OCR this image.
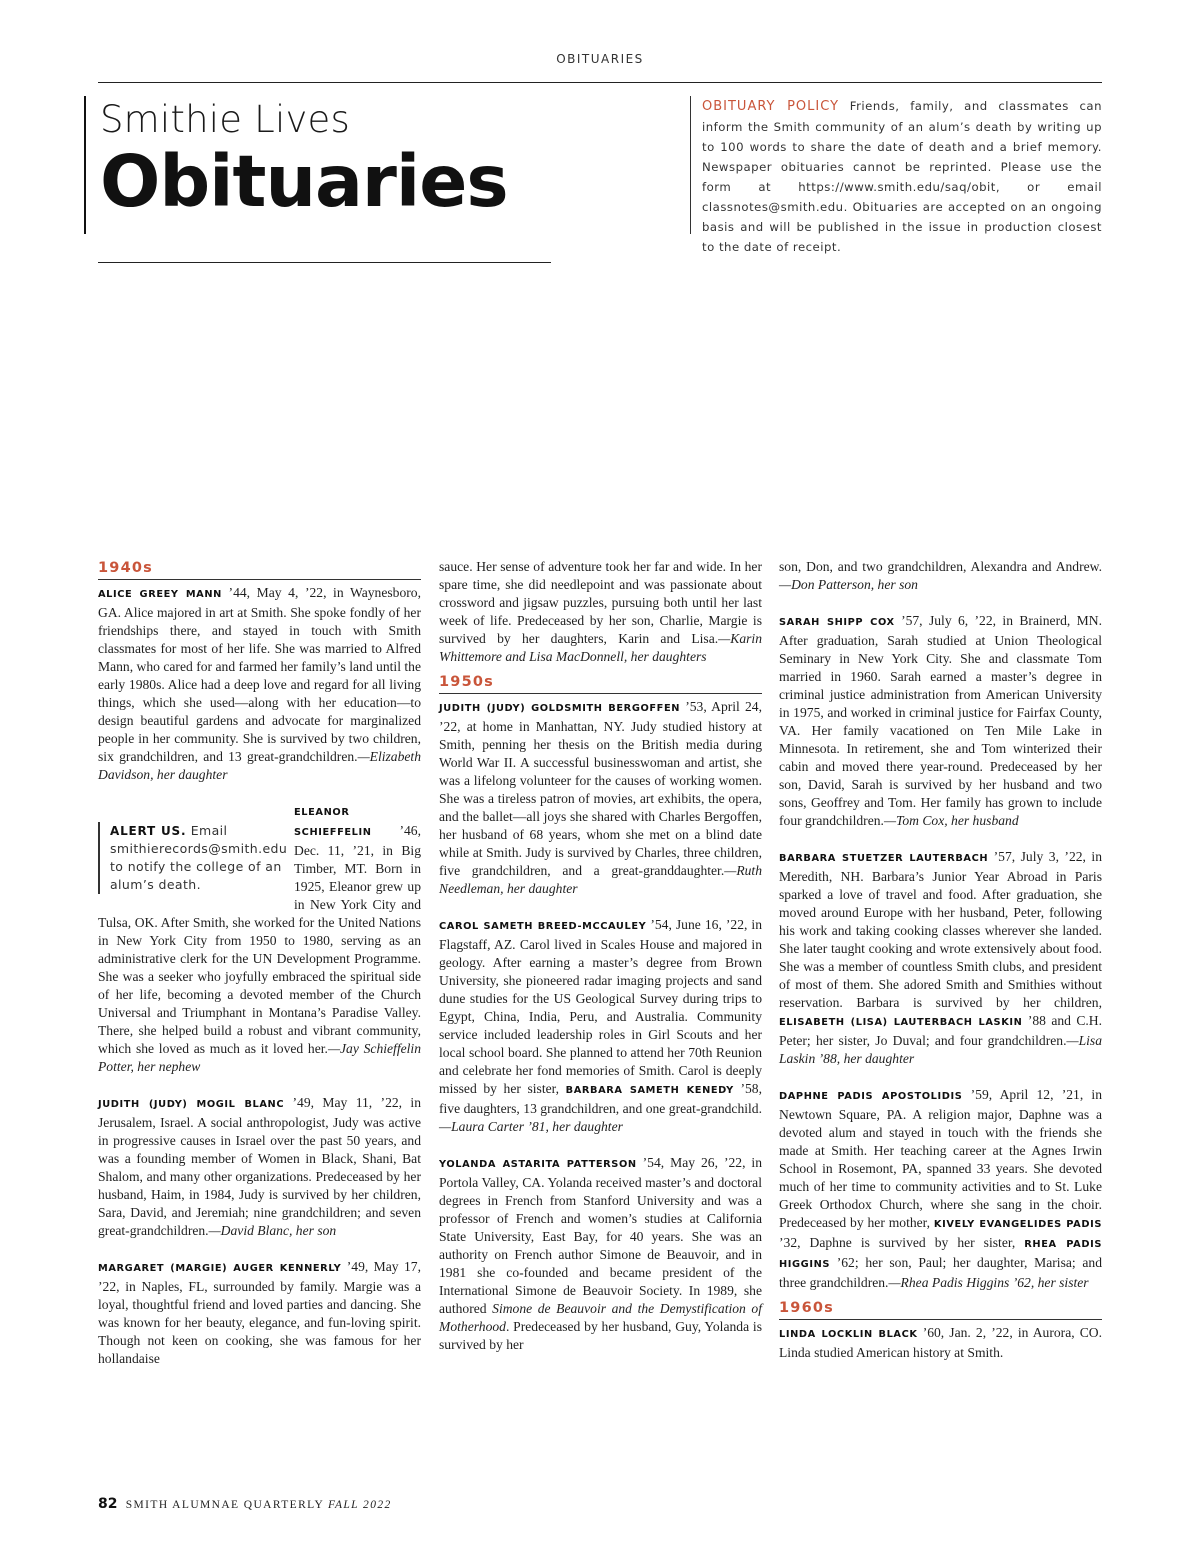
OBITUARIES
Smithie Lives
Obituaries
OBITUARY POLICY Friends, family, and classmates can inform the Smith community of an alum’s death by writing up to 100 words to share the date of death and a brief memory. Newspaper obituaries cannot be reprinted. Please use the form at https://www.smith.edu/saq/obit, or email classnotes@smith.edu. Obituaries are accepted on an ongoing basis and will be published in the issue in production closest to the date of receipt.
1940s

ALICE GREEY MANN ’44, May 4, ’22, in Waynesboro, GA. Alice majored in art at Smith. She spoke fondly of her friendships there, and stayed in touch with Smith classmates for most of her life. She was married to Alfred Mann, who cared for and farmed her family’s land until the early 1980s. Alice had a deep love and regard for all living things, which she used—along with her education—to design beautiful gardens and advocate for marginalized people in her community. She is survived by two children, six grandchildren, and 13 great-grandchildren.—Elizabeth Davidson, her daughter

ALERT US. Email smithierecords@smith.edu to notify the college of an alum’s death.
ELEANOR SCHIEFFELIN ’46, Dec. 11, ’21, in Big Timber, MT. Born in 1925, Eleanor grew up in New York City and Tulsa, OK. After Smith, she worked for the United Nations in New York City from 1950 to 1980, serving as an administrative clerk for the UN Development Programme. She was a seeker who joyfully embraced the spiritual side of her life, becoming a devoted member of the Church Universal and Triumphant in Montana’s Paradise Valley. There, she helped build a robust and vibrant community, which she loved as much as it loved her.—Jay Schieffelin Potter, her nephew

JUDITH (JUDY) MOGIL BLANC ’49, May 11, ’22, in Jerusalem, Israel. A social anthropologist, Judy was active in progressive causes in Israel over the past 50 years, and was a founding member of Women in Black, Shani, Bat Shalom, and many other organizations. Predeceased by her husband, Haim, in 1984, Judy is survived by her children, Sara, David, and Jeremiah; nine grandchildren; and seven great-grandchildren.—David Blanc, her son

MARGARET (MARGIE) AUGER KENNERLY ’49, May 17, ’22, in Naples, FL, surrounded by family. Margie was a loyal, thoughtful friend and loved parties and dancing. She was known for her beauty, elegance, and fun-loving spirit. Though not keen on cooking, she was famous for her hollandaise

sauce. Her sense of adventure took her far and wide. In her spare time, she did needlepoint and was passionate about crossword and jigsaw puzzles, pursuing both until her last week of life. Predeceased by her son, Charlie, Margie is survived by her daughters, Karin and Lisa.—Karin Whittemore and Lisa MacDonnell, her daughters

1950s

JUDITH (JUDY) GOLDSMITH BERGOFFEN ’53, April 24, ’22, at home in Manhattan, NY. Judy studied history at Smith, penning her thesis on the British media during World War II. A successful businesswoman and artist, she was a lifelong volunteer for the causes of working women. She was a tireless patron of movies, art exhibits, the opera, and the ballet—all joys she shared with Charles Bergoffen, her husband of 68 years, whom she met on a blind date while at Smith. Judy is survived by Charles, three children, five grandchildren, and a great-granddaughter.—Ruth Needleman, her daughter

CAROL SAMETH BREED-MCCAULEY ’54, June 16, ’22, in Flagstaff, AZ. Carol lived in Scales House and majored in geology. After earning a master’s degree from Brown University, she pioneered radar imaging projects and sand dune studies for the US Geological Survey during trips to Egypt, China, India, Peru, and Australia. Community service included leadership roles in Girl Scouts and her local school board. She planned to attend her 70th Reunion and celebrate her fond memories of Smith. Carol is deeply missed by her sister, BARBARA SAMETH KENEDY ’58, five daughters, 13 grandchildren, and one great-grandchild.—Laura Carter ’81, her daughter

YOLANDA ASTARITA PATTERSON ’54, May 26, ’22, in Portola Valley, CA. Yolanda received master’s and doctoral degrees in French from Stanford University and was a professor of French and women’s studies at California State University, East Bay, for 40 years. She was an authority on French author Simone de Beauvoir, and in 1981 she co-founded and became president of the International Simone de Beauvoir Society. In 1989, she authored Simone de Beauvoir and the Demystification of Motherhood. Predeceased by her husband, Guy, Yolanda is survived by her

son, Don, and two grandchildren, Alexandra and Andrew.—Don Patterson, her son

SARAH SHIPP COX ’57, July 6, ’22, in Brainerd, MN. After graduation, Sarah studied at Union Theological Seminary in New York City. She and classmate Tom married in 1960. Sarah earned a master’s degree in criminal justice administration from American University in 1975, and worked in criminal justice for Fairfax County, VA. Her family vacationed on Ten Mile Lake in Minnesota. In retirement, she and Tom winterized their cabin and moved there year-round. Predeceased by her son, David, Sarah is survived by her husband and two sons, Geoffrey and Tom. Her family has grown to include four grandchildren.—Tom Cox, her husband

BARBARA STUETZER LAUTERBACH ’57, July 3, ’22, in Meredith, NH. Barbara’s Junior Year Abroad in Paris sparked a love of travel and food. After graduation, she moved around Europe with her husband, Peter, following his work and taking cooking classes wherever she landed. She later taught cooking and wrote extensively about food. She was a member of countless Smith clubs, and president of most of them. She adored Smith and Smithies without reservation. Barbara is survived by her children, ELISABETH (LISA) LAUTERBACH LASKIN ’88 and C.H. Peter; her sister, Jo Duval; and four grandchildren.—Lisa Laskin ’88, her daughter

DAPHNE PADIS APOSTOLIDIS ’59, April 12, ’21, in Newtown Square, PA. A religion major, Daphne was a devoted alum and stayed in touch with the friends she made at Smith. Her teaching career at the Agnes Irwin School in Rosemont, PA, spanned 33 years. She devoted much of her time to community activities and to St. Luke Greek Orthodox Church, where she sang in the choir. Predeceased by her mother, KIVELY EVANGELIDES PADIS ’32, Daphne is survived by her sister, RHEA PADIS HIGGINS ’62; her son, Paul; her daughter, Marisa; and three grandchildren.—Rhea Padis Higgins ’62, her sister

1960s

LINDA LOCKLIN BLACK ’60, Jan. 2, ’22, in Aurora, CO. Linda studied American history at Smith.

82 SMITH ALUMNAE QUARTERLY FALL 2022
